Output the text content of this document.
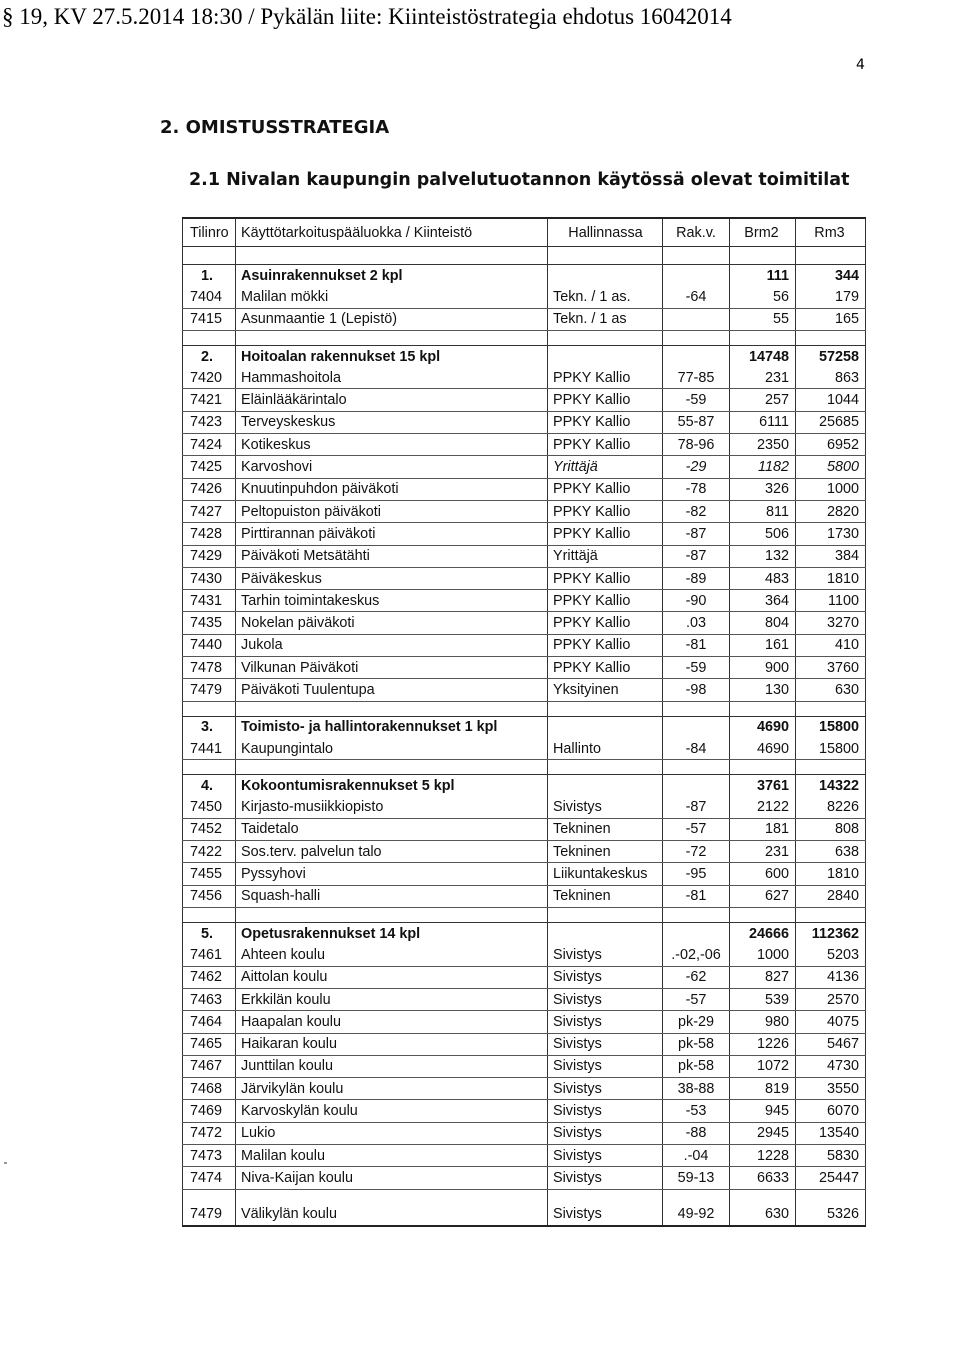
§ 19, KV 27.5.2014 18:30 / Pykälän liite: Kiinteistöstrategia ehdotus 16042014
4
2. OMISTUSSTRATEGIA
2.1 Nivalan kaupungin palvelutuotannon käytössä olevat toimitilat
Tilinro	Käyttötarkoituspääluokka / Kiinteistö	Hallinnassa	Rak.v.	Brm2	Rm3

1.	Asuinrakennukset 2 kpl			111	344
7404	Malilan mökki	Tekn. / 1 as.	-64	56	179
7415	Asunmaantie 1 (Lepistö)	Tekn. / 1 as		55	165

2.	Hoitoalan rakennukset 15 kpl			14748	57258
7420	Hammashoitola	PPKY Kallio	77-85	231	863
7421	Eläinlääkärintalo	PPKY Kallio	-59	257	1044
7423	Terveyskeskus	PPKY Kallio	55-87	6111	25685
7424	Kotikeskus	PPKY Kallio	78-96	2350	6952
7425	Karvoshovi	Yrittäjä	-29	1182	5800
7426	Knuutinpuhdon päiväkoti	PPKY Kallio	-78	326	1000
7427	Peltopuiston päiväkoti	PPKY Kallio	-82	811	2820
7428	Pirttirannan päiväkoti	PPKY Kallio	-87	506	1730
7429	Päiväkoti Metsätähti	Yrittäjä	-87	132	384
7430	Päiväkeskus	PPKY Kallio	-89	483	1810
7431	Tarhin toimintakeskus	PPKY Kallio	-90	364	1100
7435	Nokelan päiväkoti	PPKY Kallio	.03	804	3270
7440	Jukola	PPKY Kallio	-81	161	410
7478	Vilkunan Päiväkoti	PPKY Kallio	-59	900	3760
7479	Päiväkoti Tuulentupa	Yksityinen	-98	130	630

3.	Toimisto- ja hallintorakennukset 1 kpl			4690	15800
7441	Kaupungintalo	Hallinto	-84	4690	15800

4.	Kokoontumisrakennukset 5 kpl			3761	14322
7450	Kirjasto-musiikkiopisto	Sivistys	-87	2122	8226
7452	Taidetalo	Tekninen	-57	181	808
7422	Sos.terv. palvelun talo	Tekninen	-72	231	638
7455	Pyssyhovi	Liikuntakeskus	-95	600	1810
7456	Squash-halli	Tekninen	-81	627	2840

5.	Opetusrakennukset 14 kpl			24666	112362
7461	Ahteen koulu	Sivistys	.-02,-06	1000	5203
7462	Aittolan koulu	Sivistys	-62	827	4136
7463	Erkkilän koulu	Sivistys	-57	539	2570
7464	Haapalan koulu	Sivistys	pk-29	980	4075
7465	Haikaran koulu	Sivistys	pk-58	1226	5467
7467	Junttilan koulu	Sivistys	pk-58	1072	4730
7468	Järvikylän koulu	Sivistys	38-88	819	3550
7469	Karvoskylän koulu	Sivistys	-53	945	6070
7472	Lukio	Sivistys	-88	2945	13540
7473	Malilan koulu	Sivistys	.-04	1228	5830
7474	Niva-Kaijan koulu	Sivistys	59-13	6633	25447

7479	Välikylän koulu	Sivistys	49-92	630	5326
